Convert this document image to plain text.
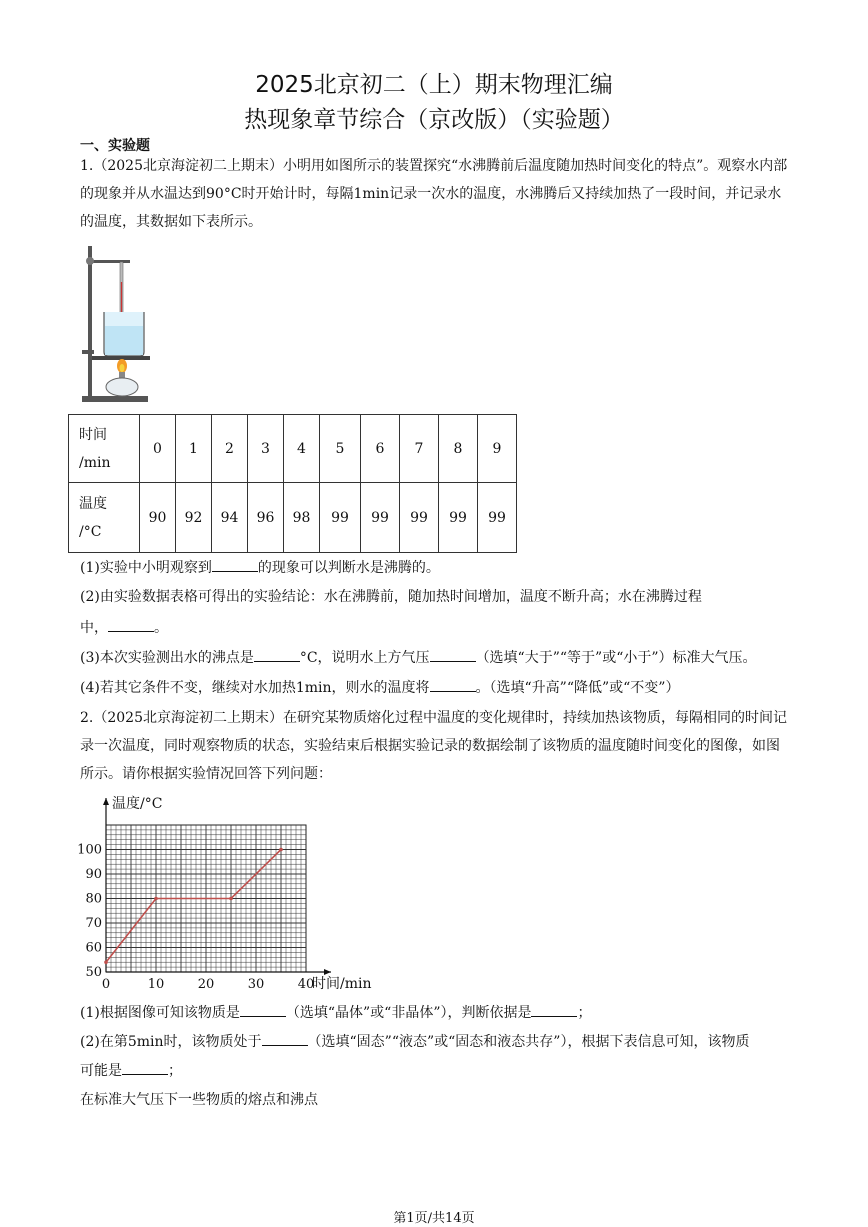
2025北京初二（上）期末物理汇编
热现象章节综合（京改版）（实验题）
一、实验题

1.（2025北京海淀初二上期末）小明用如图所示的装置探究“水沸腾前后温度随加热时间变化的特点”。观察水内部的现象并从水温达到90°C时开始计时，每隔1min记录一次水的温度，水沸腾后又持续加热了一段时间，并记录水的温度，其数据如下表所示。

时间
/min	0	1	2	3	4	5	6	7	8	9
温度
/°C	90	92	94	96	98	99	99	99	99	99
(1)实验中小明观察到	的现象可以判断水是沸腾的。
(2)由实验数据表格可得出的实验结论：水在沸腾前，随加热时间增加，温度不断升高；水在沸腾过程
中，	。
(3)本次实验测出水的沸点是	°C，说明水上方气压	（选填“大于”“等于”或“小于”）标准大气压。
(4)若其它条件不变，继续对水加热1min，则水的温度将	。（选填“升高”“降低”或“不变”）

2.（2025北京海淀初二上期末）在研究某物质熔化过程中温度的变化规律时，持续加热该物质，每隔相同的时间记录一次温度，同时观察物质的状态，实验结束后根据实验记录的数据绘制了该物质的温度随时间变化的图像，如图所示。请你根据实验情况回答下列问题：

0	10	20	30	40
50
60
70
80
90
100
温度/°C
时间/min
(1)根据图像可知该物质是	（选填“晶体”或“非晶体”），判断依据是	；
(2)在第5min时，该物质处于	（选填“固态”“液态”或“固态和液态共存”），根据下表信息可知，该物质
可能是	；
在标准大气压下一些物质的熔点和沸点
第1页/共14页
